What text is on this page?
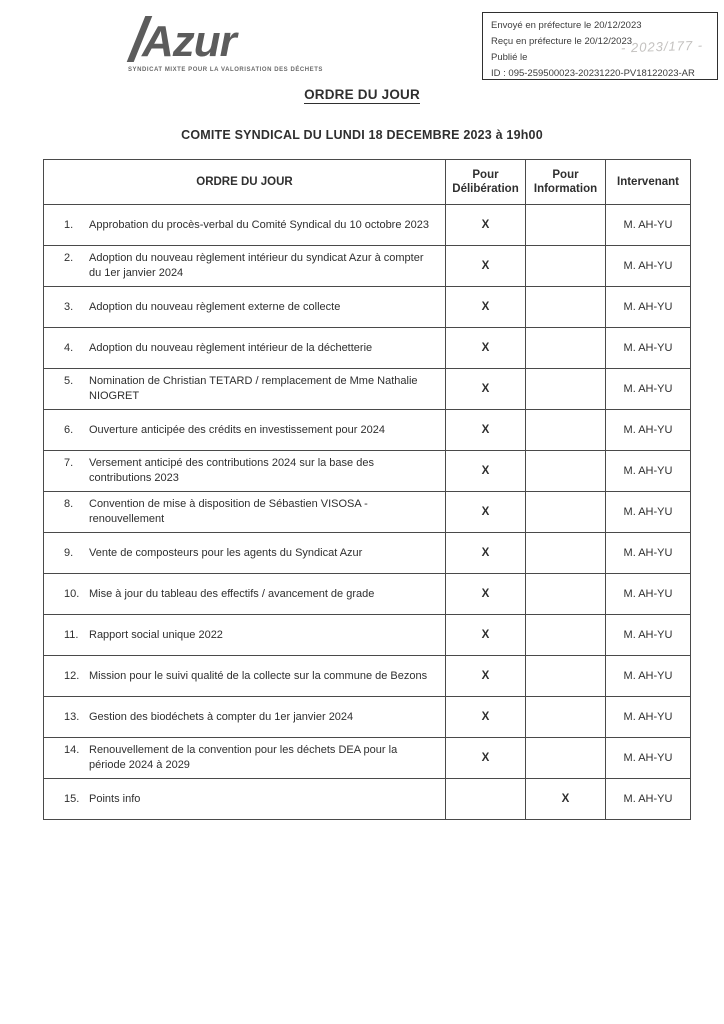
Azur
SYNDICAT MIXTE POUR LA VALORISATION DES DÉCHETS
Envoyé en préfecture le 20/12/2023
Reçu en préfecture le 20/12/2023
Publié le
ID : 095-259500023-20231220-PV18122023-AR
- 2023/177 -
ORDRE DU JOUR
COMITE SYNDICAL DU LUNDI 18 DECEMBRE 2023 à 19h00
ORDRE DU JOUR	Pour Délibération	Pour Information	Intervenant

1. Approbation du procès-verbal du Comité Syndical du 10 octobre 2023	X		M. AH-YU

2. Adoption du nouveau règlement intérieur du syndicat Azur à compter du 1er janvier 2024	X		M. AH-YU

3. Adoption du nouveau règlement externe de collecte	X		M. AH-YU

4. Adoption du nouveau règlement intérieur de la déchetterie	X		M. AH-YU

5. Nomination de Christian TETARD / remplacement de Mme Nathalie NIOGRET	X		M. AH-YU

6. Ouverture anticipée des crédits en investissement pour 2024	X		M. AH-YU

7. Versement anticipé des contributions 2024 sur la base des contributions 2023	X		M. AH-YU

8. Convention de mise à disposition de Sébastien VISOSA - renouvellement	X		M. AH-YU

9. Vente de composteurs pour les agents du Syndicat Azur	X		M. AH-YU

10. Mise à jour du tableau des effectifs / avancement de grade	X		M. AH-YU

11. Rapport social unique 2022	X		M. AH-YU

12. Mission pour le suivi qualité de la collecte sur la commune de Bezons	X		M. AH-YU

13. Gestion des biodéchets à compter du 1er janvier 2024	X		M. AH-YU

14. Renouvellement de la convention pour les déchets DEA pour la période 2024 à 2029	X		M. AH-YU

15. Points info		X	M. AH-YU
